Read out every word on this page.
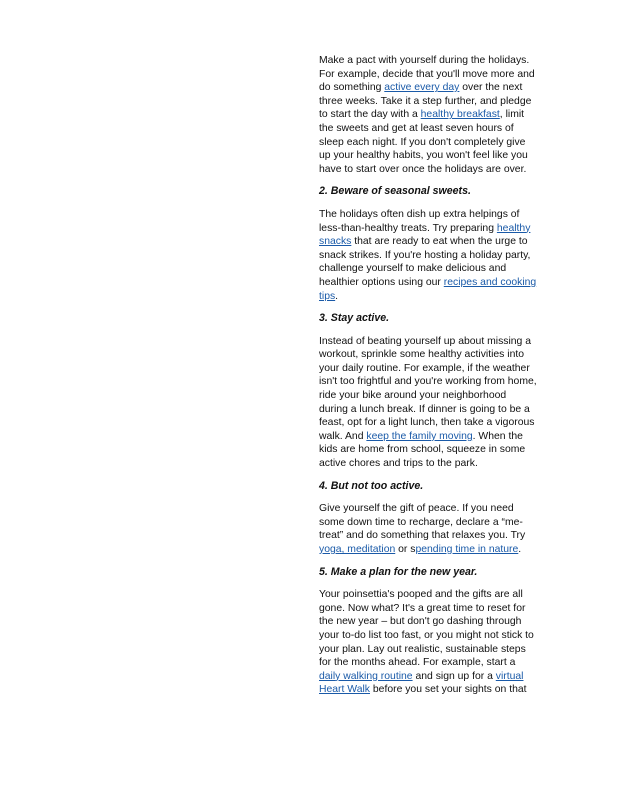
Make a pact with yourself during the holidays. For example, decide that you'll move more and do something active every day over the next three weeks. Take it a step further, and pledge to start the day with a healthy breakfast, limit the sweets and get at least seven hours of sleep each night. If you don't completely give up your healthy habits, you won't feel like you have to start over once the holidays are over.

2. Beware of seasonal sweets.

The holidays often dish up extra helpings of less-than-healthy treats. Try preparing healthy snacks that are ready to eat when the urge to snack strikes. If you're hosting a holiday party, challenge yourself to make delicious and healthier options using our recipes and cooking tips.

3. Stay active.

Instead of beating yourself up about missing a workout, sprinkle some healthy activities into your daily routine. For example, if the weather isn't too frightful and you're working from home, ride your bike around your neighborhood during a lunch break. If dinner is going to be a feast, opt for a light lunch, then take a vigorous walk. And keep the family moving. When the kids are home from school, squeeze in some active chores and trips to the park.

4. But not too active.

Give yourself the gift of peace. If you need some down time to recharge, declare a “me-treat” and do something that relaxes you. Try yoga, meditation or spending time in nature.

5. Make a plan for the new year.

Your poinsettia's pooped and the gifts are all gone. Now what? It's a great time to reset for the new year – but don't go dashing through your to-do list too fast, or you might not stick to your plan. Lay out realistic, sustainable steps for the months ahead. For example, start a daily walking routine and sign up for a virtual Heart Walk before you set your sights on that
